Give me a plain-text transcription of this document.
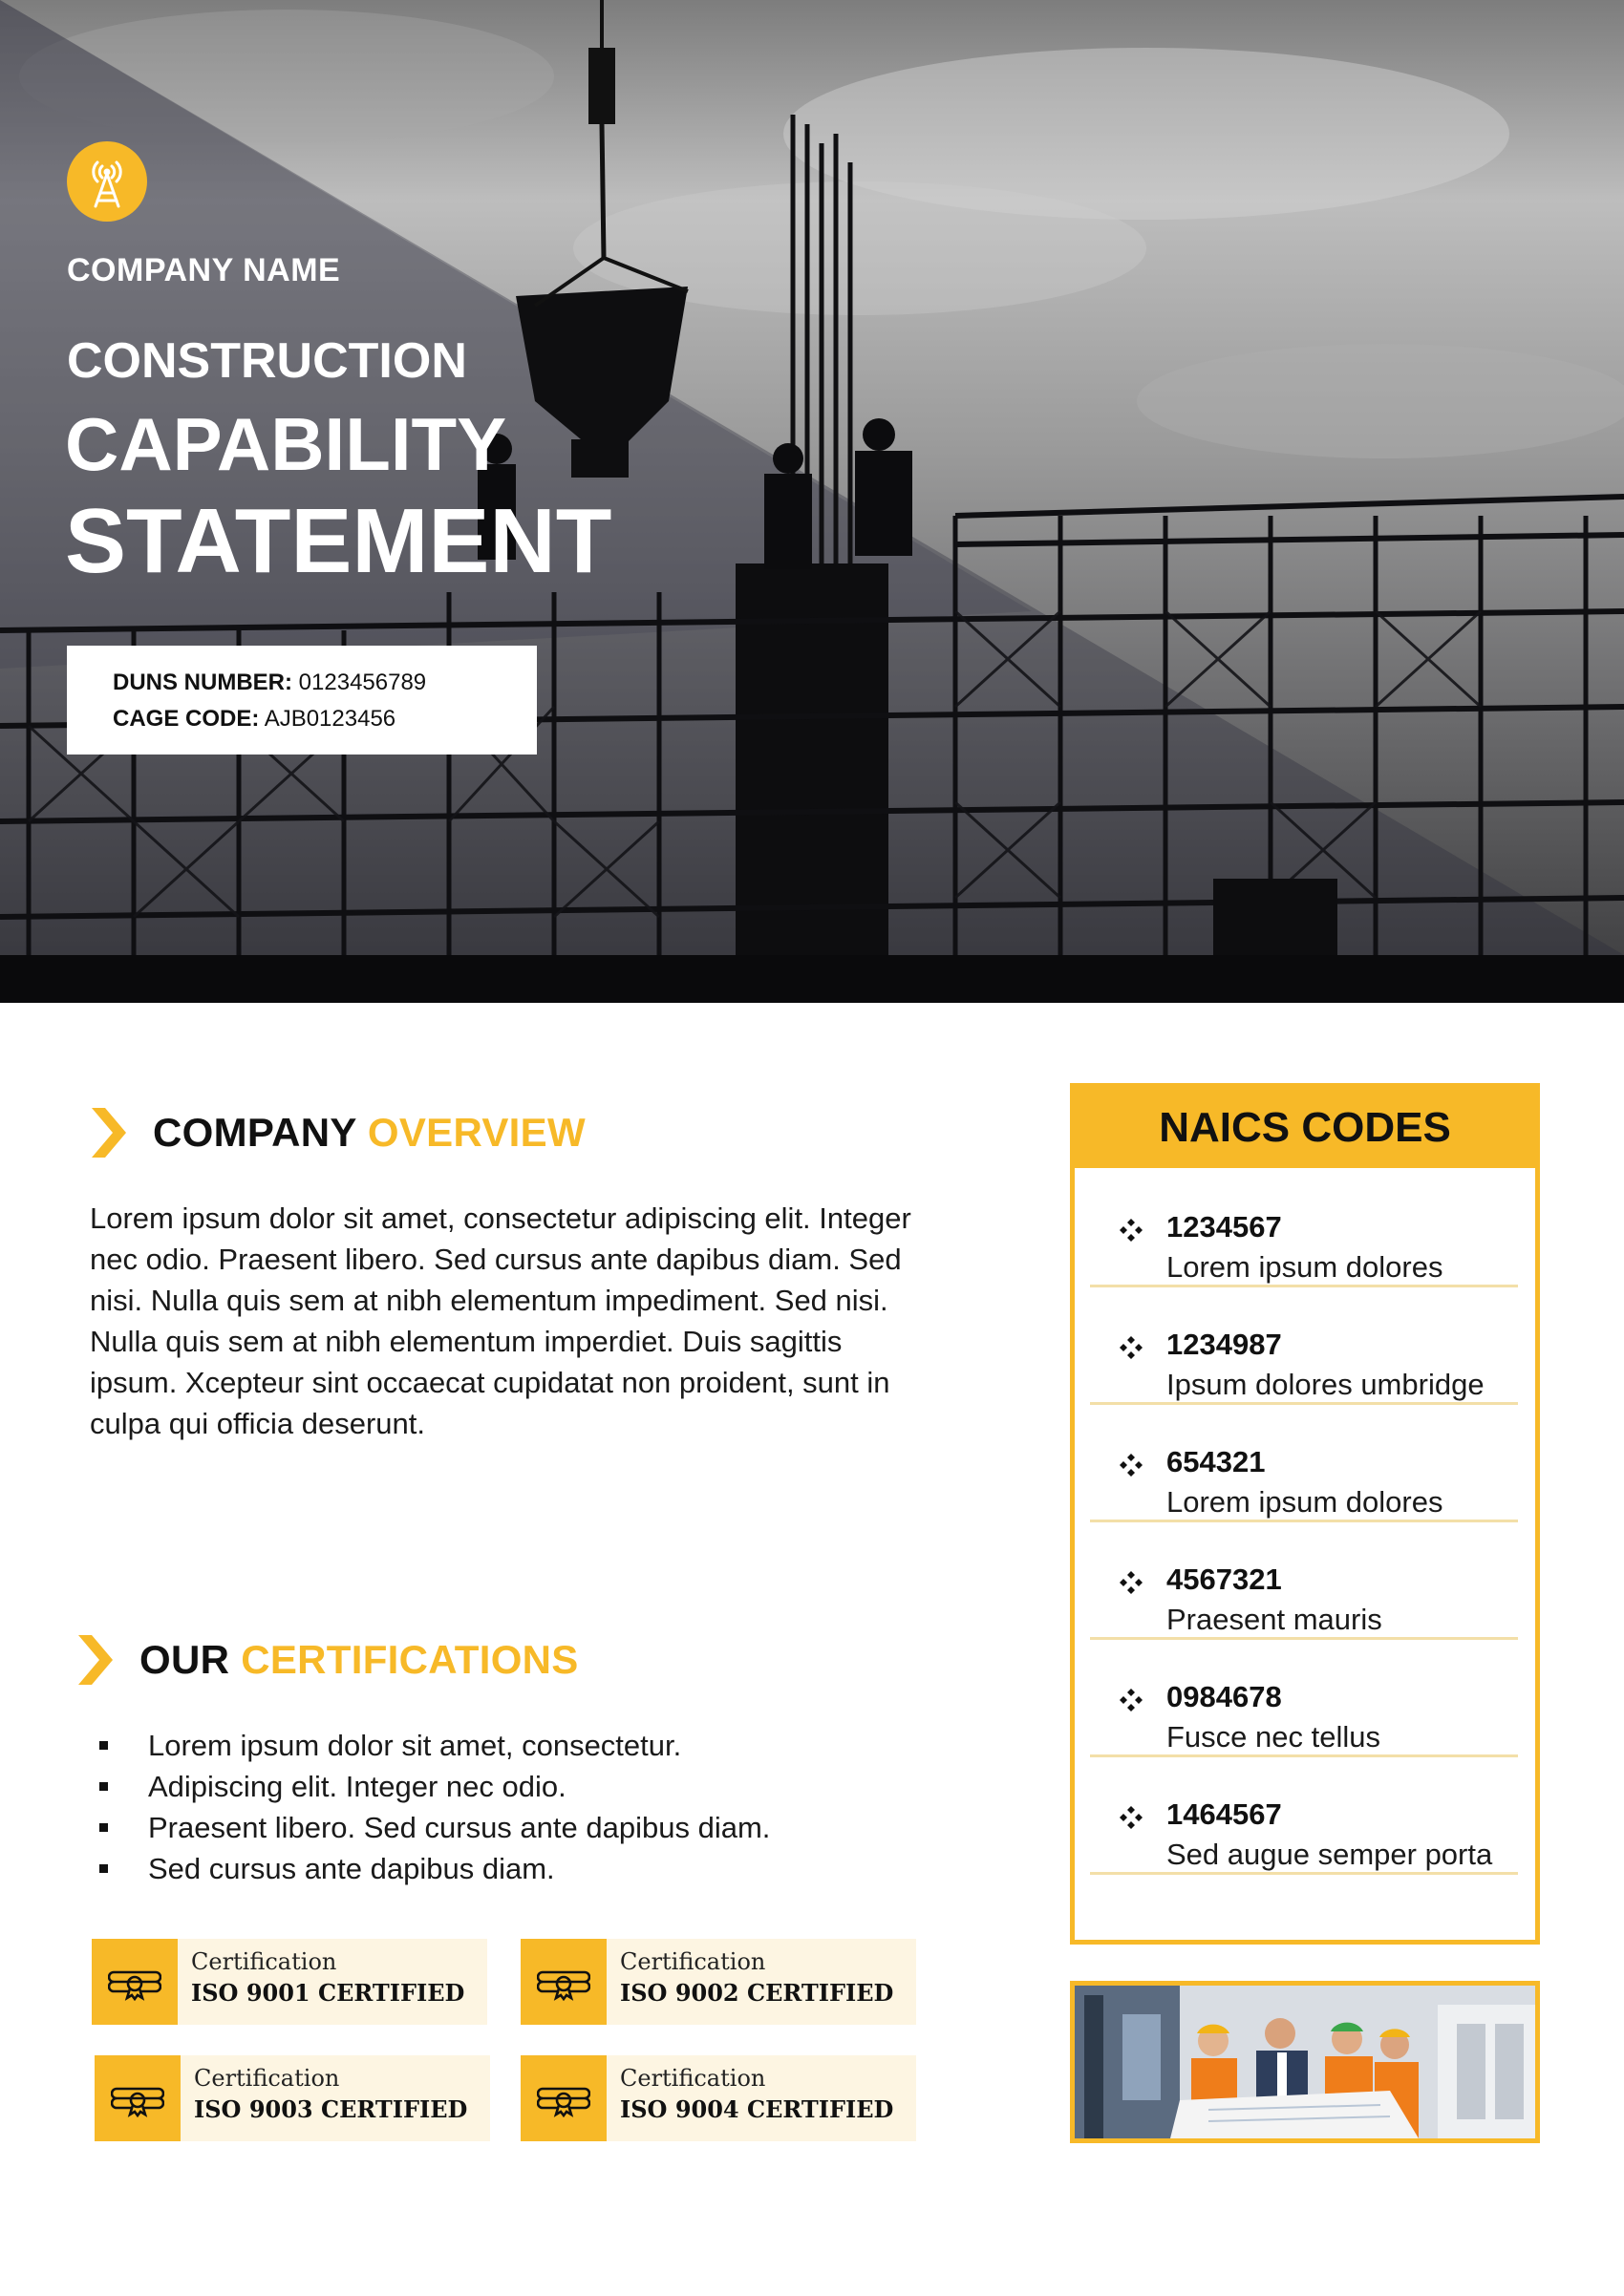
COMPANY NAME
CONSTRUCTION
CAPABILITY
STATEMENT
DUNS NUMBER: 0123456789
CAGE CODE: AJB0123456
COMPANY OVERVIEW

Lorem ipsum dolor sit amet, consectetur adipiscing elit. Integer nec odio. Praesent libero. Sed cursus ante dapibus diam. Sed nisi. Nulla quis sem at nibh elementum impediment. Sed nisi.

Nulla quis sem at nibh elementum imperdiet. Duis sagittis ipsum. Xcepteur sint occaecat cupidatat non proident, sunt in culpa qui officia deserunt.

OUR CERTIFICATIONS
Lorem ipsum dolor sit amet, consectetur.
Adipiscing elit. Integer nec odio.
Praesent libero. Sed cursus ante dapibus diam.
Sed cursus ante dapibus diam.
Certification
ISO 9001 CERTIFIED
Certification
ISO 9002 CERTIFIED
Certification
ISO 9003 CERTIFIED
Certification
ISO 9004 CERTIFIED
NAICS CODES
1234567
Lorem ipsum dolores
1234987
Ipsum dolores umbridge
654321
Lorem ipsum dolores
4567321
Praesent mauris
0984678
Fusce nec tellus
1464567
Sed augue semper porta
